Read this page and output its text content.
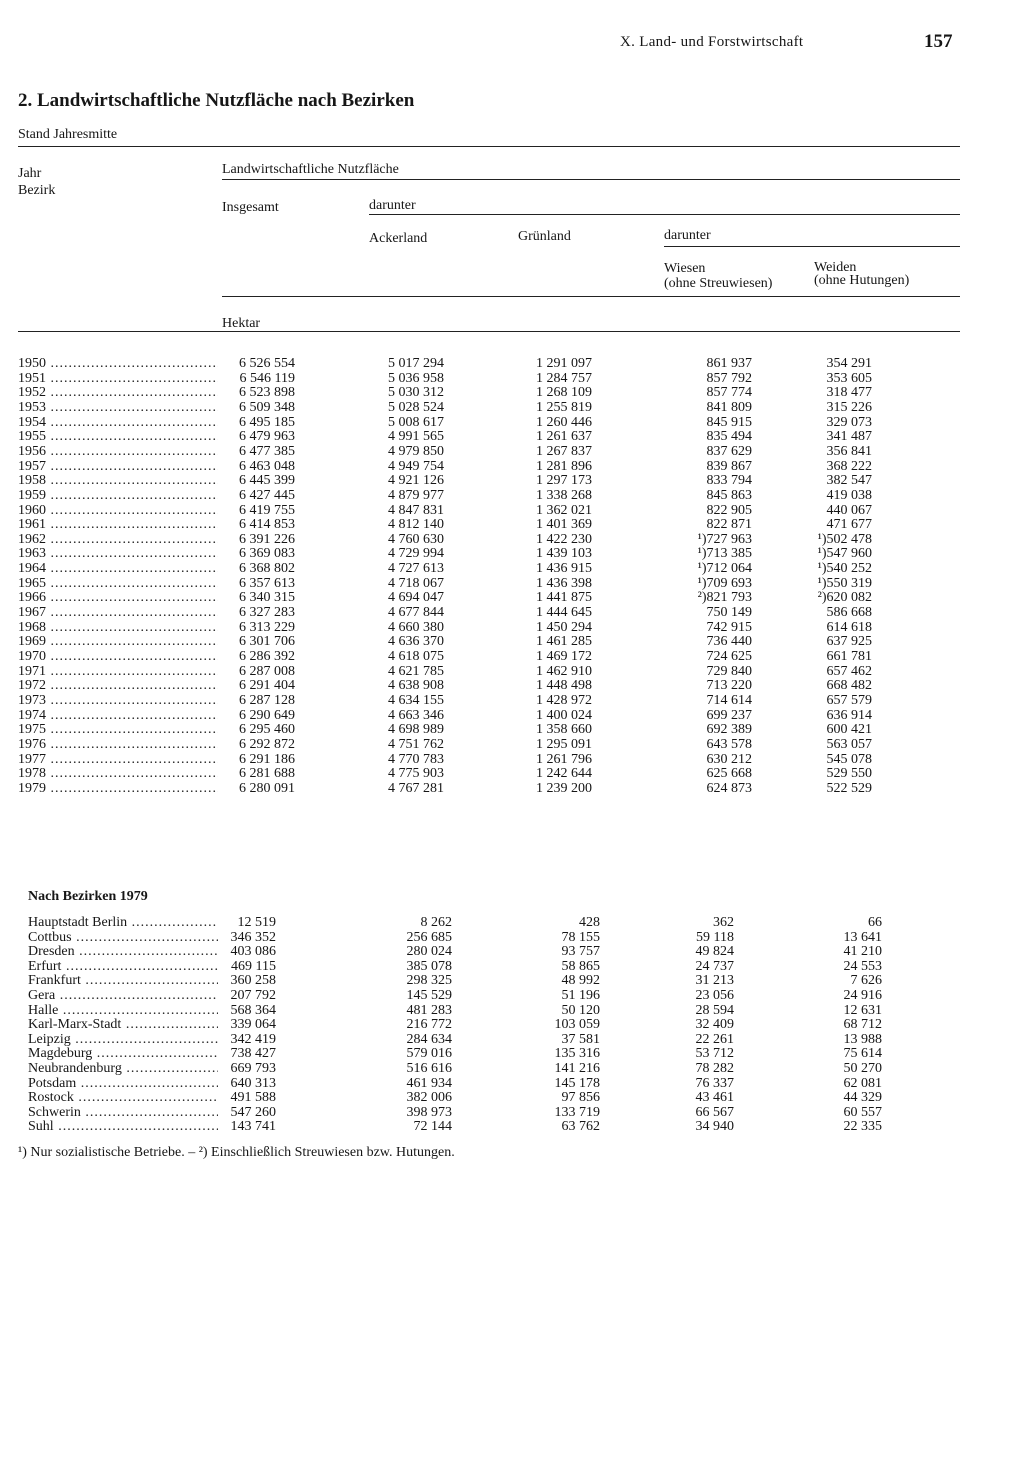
X. Land- und Forstwirtschaft	157
2. Landwirtschaftliche Nutzfläche nach Bezirken
Stand Jahresmitte
Jahr
Bezirk
Landwirtschaftliche Nutzfläche
Insgesamt	darunter
Ackerland	Grünland	darunter
Wiesen
(ohne Streuwiesen)
Weiden
(ohne Hutungen)
Hektar
1950 .....	6 526 554	5 017 294	1 291 097	861 937	354 291
1951 .....	6 546 119	5 036 958	1 284 757	857 792	353 605
1952 .....	6 523 898	5 030 312	1 268 109	857 774	318 477
1953 .....	6 509 348	5 028 524	1 255 819	841 809	315 226
1954 .....	6 495 185	5 008 617	1 260 446	845 915	329 073
1955 .....	6 479 963	4 991 565	1 261 637	835 494	341 487
1956 .....	6 477 385	4 979 850	1 267 837	837 629	356 841
1957 .....	6 463 048	4 949 754	1 281 896	839 867	368 222
1958 .....	6 445 399	4 921 126	1 297 173	833 794	382 547
1959 .....	6 427 445	4 879 977	1 338 268	845 863	419 038
1960 .....	6 419 755	4 847 831	1 362 021	822 905	440 067
1961 .....	6 414 853	4 812 140	1 401 369	822 871	471 677
1962 .....	6 391 226	4 760 630	1 422 230	¹)727 963	¹)502 478
1963 .....	6 369 083	4 729 994	1 439 103	¹)713 385	¹)547 960
1964 .....	6 368 802	4 727 613	1 436 915	¹)712 064	¹)540 252
1965 .....	6 357 613	4 718 067	1 436 398	¹)709 693	¹)550 319
1966 .....	6 340 315	4 694 047	1 441 875	²)821 793	²)620 082
1967 .....	6 327 283	4 677 844	1 444 645	750 149	586 668
1968 .....	6 313 229	4 660 380	1 450 294	742 915	614 618
1969 .....	6 301 706	4 636 370	1 461 285	736 440	637 925
1970 .....	6 286 392	4 618 075	1 469 172	724 625	661 781
1971 .....	6 287 008	4 621 785	1 462 910	729 840	657 462
1972 .....	6 291 404	4 638 908	1 448 498	713 220	668 482
1973 .....	6 287 128	4 634 155	1 428 972	714 614	657 579
1974 .....	6 290 649	4 663 346	1 400 024	699 237	636 914
1975 .....	6 295 460	4 698 989	1 358 660	692 389	600 421
1976 .....	6 292 872	4 751 762	1 295 091	643 578	563 057
1977 .....	6 291 186	4 770 783	1 261 796	630 212	545 078
1978 .....	6 281 688	4 775 903	1 242 644	625 668	529 550
1979 .....	6 280 091	4 767 281	1 239 200	624 873	522 529
Nach Bezirken 1979
Hauptstadt Berlin .....	12 519	8 262	428	362	66
Cottbus .....	346 352	256 685	78 155	59 118	13 641
Dresden .....	403 086	280 024	93 757	49 824	41 210
Erfurt .....	469 115	385 078	58 865	24 737	24 553
Frankfurt .....	360 258	298 325	48 992	31 213	7 626
Gera .....	207 792	145 529	51 196	23 056	24 916
Halle .....	568 364	481 283	50 120	28 594	12 631
Karl-Marx-Stadt .....	339 064	216 772	103 059	32 409	68 712
Leipzig .....	342 419	284 634	37 581	22 261	13 988
Magdeburg .....	738 427	579 016	135 316	53 712	75 614
Neubrandenburg .....	669 793	516 616	141 216	78 282	50 270
Potsdam .....	640 313	461 934	145 178	76 337	62 081
Rostock .....	491 588	382 006	97 856	43 461	44 329
Schwerin .....	547 260	398 973	133 719	66 567	60 557
Suhl .....	143 741	72 144	63 762	34 940	22 335
¹) Nur sozialistische Betriebe. – ²) Einschließlich Streuwiesen bzw. Hutungen.
